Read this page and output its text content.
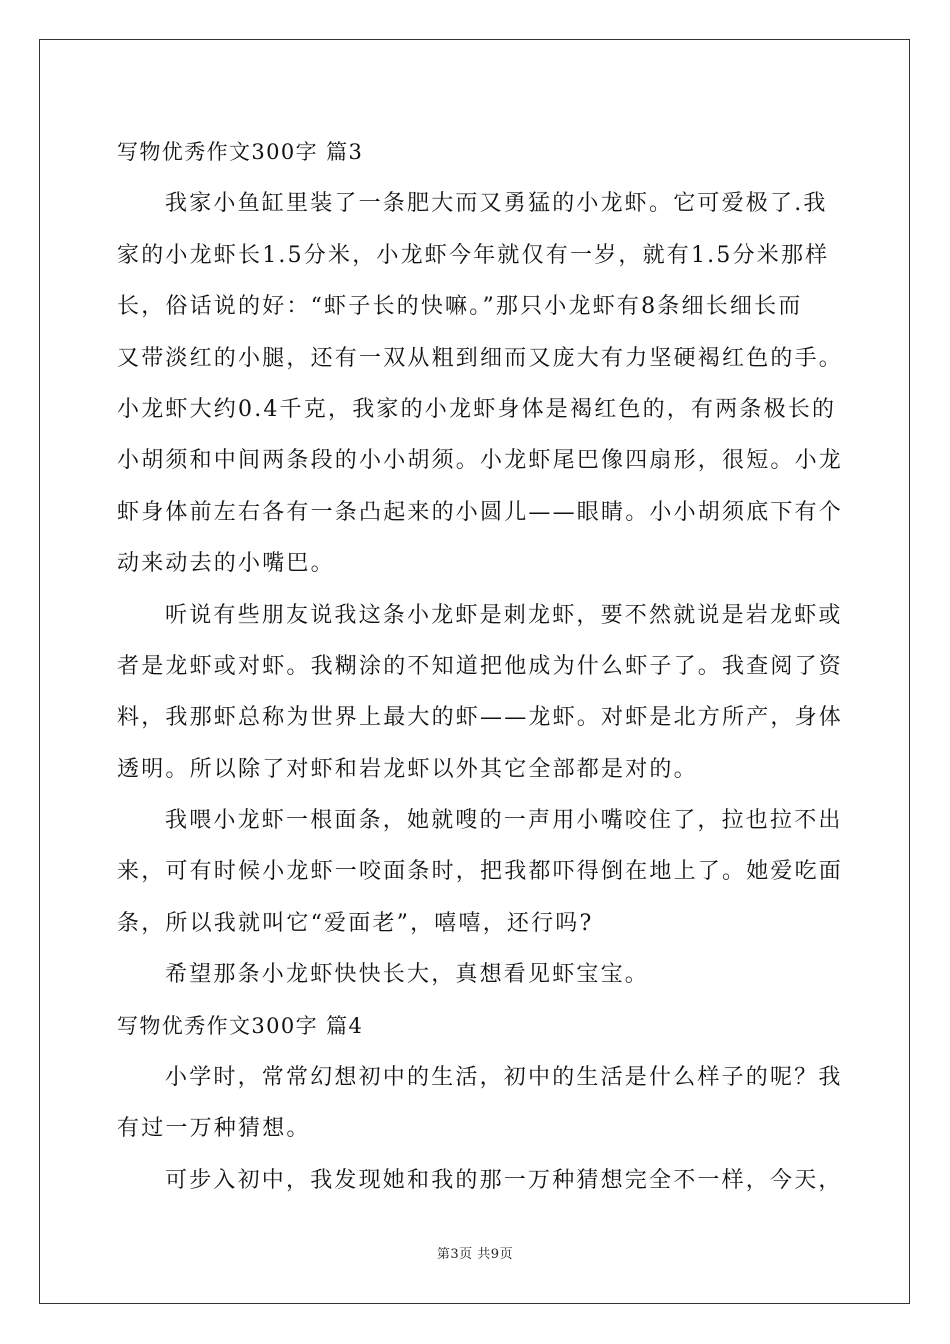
写物优秀作文300字 篇3
我家小鱼缸里装了一条肥大而又勇猛的小龙虾。它可爱极了.我
家的小龙虾长1.5分米，小龙虾今年就仅有一岁，就有1.5分米那样
长，俗话说的好：“虾子长的快嘛。”那只小龙虾有8条细长细长而
又带淡红的小腿，还有一双从粗到细而又庞大有力坚硬褐红色的手。
小龙虾大约0.4千克，我家的小龙虾身体是褐红色的，有两条极长的
小胡须和中间两条段的小小胡须。小龙虾尾巴像四扇形，很短。小龙
虾身体前左右各有一条凸起来的小圆儿——眼睛。小小胡须底下有个
动来动去的小嘴巴。
听说有些朋友说我这条小龙虾是刺龙虾，要不然就说是岩龙虾或
者是龙虾或对虾。我糊涂的不知道把他成为什么虾子了。我查阅了资
料，我那虾总称为世界上最大的虾——龙虾。对虾是北方所产，身体
透明。所以除了对虾和岩龙虾以外其它全部都是对的。
我喂小龙虾一根面条，她就嗖的一声用小嘴咬住了，拉也拉不出
来，可有时候小龙虾一咬面条时，把我都吓得倒在地上了。她爱吃面
条，所以我就叫它“爱面老”，嘻嘻，还行吗?
希望那条小龙虾快快长大，真想看见虾宝宝。
写物优秀作文300字 篇4
小学时，常常幻想初中的生活，初中的生活是什么样子的呢？我
有过一万种猜想。
可步入初中，我发现她和我的那一万种猜想完全不一样，今天，
第3页 共9页
